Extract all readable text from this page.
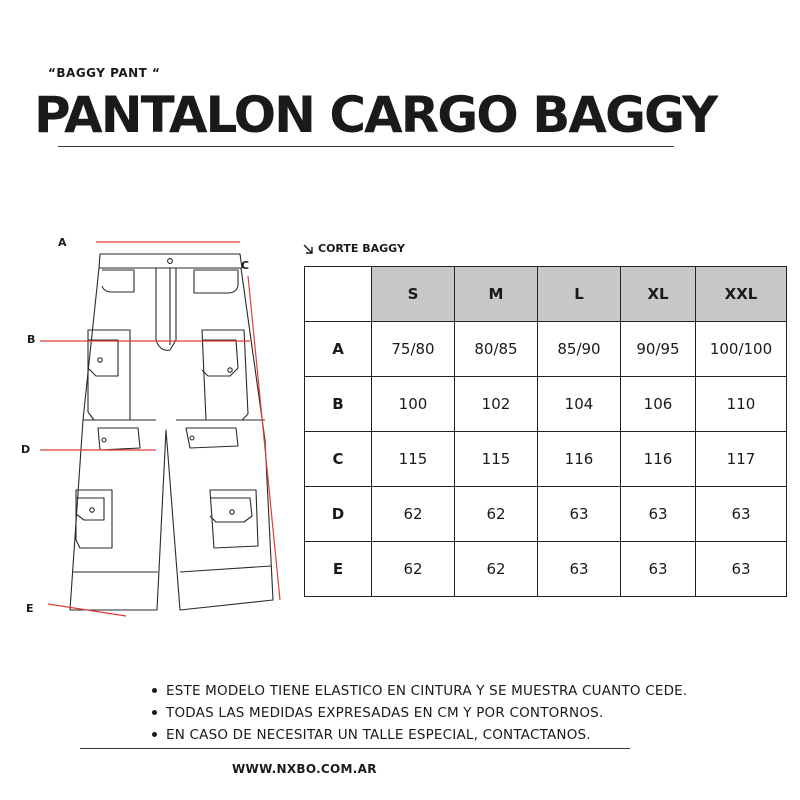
“BAGGY PANT “
PANTALON CARGO BAGGY
A
B
C
D
E
CORTE BAGGY
	S	M	L	XL	XXL
A	75/80	80/85	85/90	90/95	100/100
B	100	102	104	106	110
C	115	115	116	116	117
D	62	62	63	63	63
E	62	62	63	63	63
ESTE MODELO TIENE ELASTICO EN CINTURA Y SE MUESTRA CUANTO CEDE.
TODAS LAS MEDIDAS EXPRESADAS EN CM Y POR CONTORNOS.
EN CASO DE NECESITAR UN TALLE ESPECIAL, CONTACTANOS.
WWW.NXBO.COM.AR
